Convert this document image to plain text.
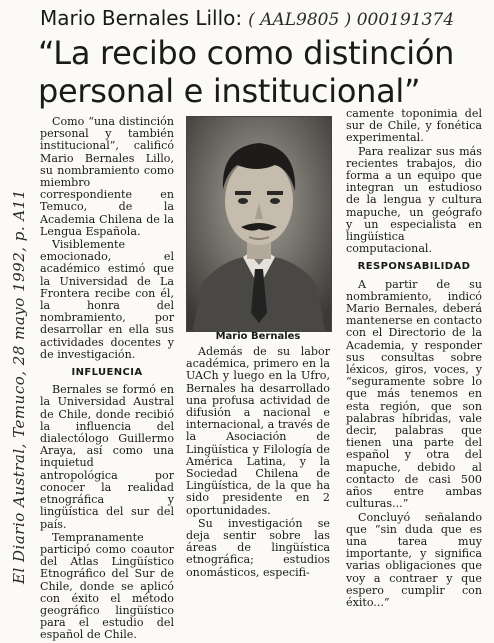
El Diario Austral, Temuco, 28 mayo 1992, p. A11
Mario Bernales Lillo: ( AAL9805 ) 000191374
“La recibo como distinción personal e institucional”

Como “una distinción personal y también institucional”, calificó Mario Bernales Lillo, su nombramiento como miembro correspondiente en Temuco, de la Academia Chilena de la Lengua Española.

Visiblemente emocionado, el académico estimó que la Universidad de La Frontera recibe con él, la honra del nombramiento, por desarrollar en ella sus actividades docentes y de investigación.

INFLUENCIA

Bernales se formó en la Universidad Austral de Chile, donde recibió la influencia del dialectólogo Guillermo Araya, así como una inquietud antropológica por conocer la realidad etnográfica y lingüística del sur del país.

Tempranamente participó como coautor del Atlas Lingüístico Etnográfico del Sur de Chile, donde se aplicó con éxito el método geográfico lingüístico para el estudio del español de Chile.

Mario Bernales

Además de su labor académica, primero en la UACh y luego en la Ufro, Bernales ha desarrollado una profusa actividad de difusión a nacional e internacional, a través de la Asociación de Lingüística y Filología de América Latina, y la Sociedad Chilena de Lingüística, de la que ha sido presidente en 2 oportunidades.

Su investigación se deja sentir sobre las áreas de lingüística etnográfica; estudios onomásticos, especifi-

camente toponimia del sur de Chile, y fonética experimental.

Para realizar sus más recientes trabajos, dio forma a un equipo que integran un estudioso de la lengua y cultura mapuche, un geógrafo y un especialista en lingüística computacional.

RESPONSABILIDAD

A partir de su nombramiento, indicó Mario Bernales, deberá mantenerse en contacto con el Directorio de la Academia, y responder sus consultas sobre léxicos, giros, voces, y “seguramente sobre lo que más tenemos en esta región, que son palabras híbridas, vale decir, palabras que tienen una parte del español y otra del mapuche, debido al contacto de casi 500 años entre ambas culturas...”

Concluyó señalando que “sin duda que es una tarea muy importante, y significa varias obligaciones que voy a contraer y que espero cumplir con éxito...”
